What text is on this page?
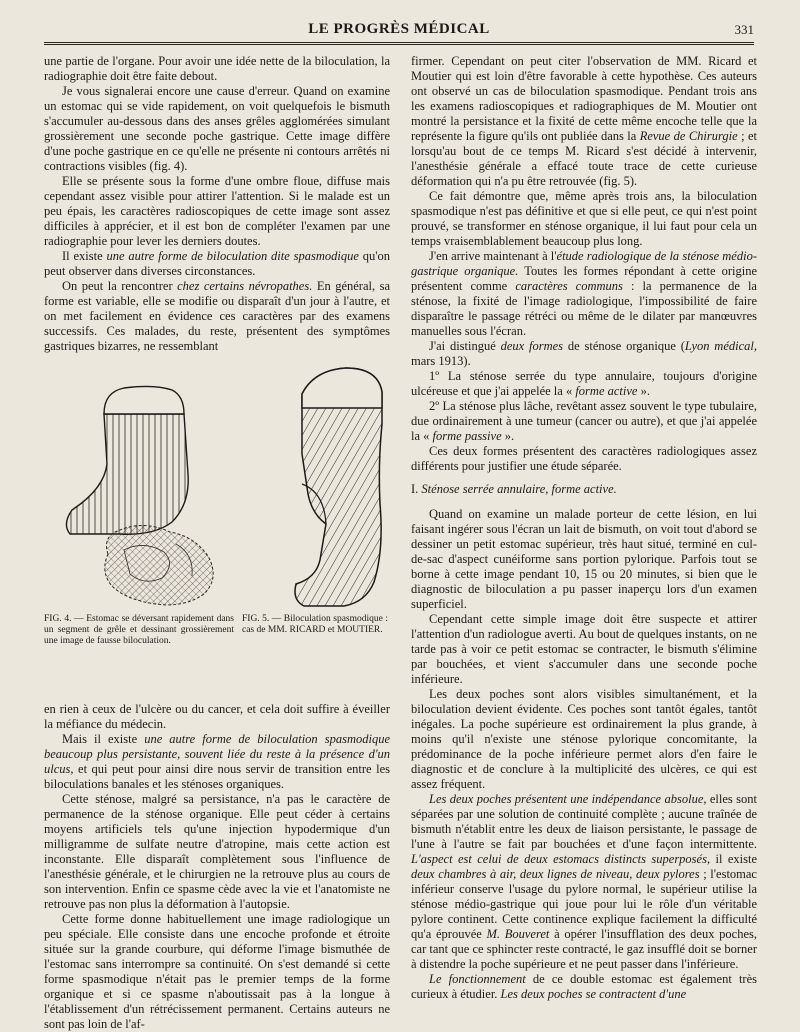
LE PROGRÈS MÉDICAL	331

une partie de l'organe. Pour avoir une idée nette de la biloculation, la radiographie doit être faite debout.

Je vous signalerai encore une cause d'erreur. Quand on examine un estomac qui se vide rapidement, on voit quelquefois le bismuth s'accumuler au-dessous dans des anses grêles agglomérées simulant grossièrement une seconde poche gastrique. Cette image diffère d'une poche gastrique en ce qu'elle ne présente ni contours arrêtés ni contractions visibles (fig. 4).

Elle se présente sous la forme d'une ombre floue, diffuse mais cependant assez visible pour attirer l'attention. Si le malade est un peu épais, les caractères radioscopiques de cette image sont assez difficiles à apprécier, et il est bon de compléter l'examen par une radiographie pour lever les derniers doutes.

Il existe une autre forme de biloculation dite spasmodique qu'on peut observer dans diverses circonstances.

On peut la rencontrer chez certains névropathes. En général, sa forme est variable, elle se modifie ou disparaît d'un jour à l'autre, et on met facilement en évidence ces caractères par des examens successifs. Ces malades, du reste, présentent des symptômes gastriques bizarres, ne ressemblant

FIG. 4. — Estomac se déversant rapidement dans un segment de grêle et dessinant grossièrement une image de fausse biloculation.
FIG. 5. — Biloculation spasmodique : cas de MM. RICARD et MOUTIER.

en rien à ceux de l'ulcère ou du cancer, et cela doit suffire à éveiller la méfiance du médecin.

Mais il existe une autre forme de biloculation spasmodique beaucoup plus persistante, souvent liée du reste à la présence d'un ulcus, et qui peut pour ainsi dire nous servir de transition entre les biloculations banales et les sténoses organiques.

Cette sténose, malgré sa persistance, n'a pas le caractère de permanence de la sténose organique. Elle peut céder à certains moyens artificiels tels qu'une injection hypodermique d'un milligramme de sulfate neutre d'atropine, mais cette action est inconstante. Elle disparaît complètement sous l'influence de l'anesthésie générale, et le chirurgien ne la retrouve plus au cours de son intervention. Enfin ce spasme cède avec la vie et l'anatomiste ne retrouve pas non plus la déformation à l'autopsie.

Cette forme donne habituellement une image radiologique un peu spéciale. Elle consiste dans une encoche profonde et étroite située sur la grande courbure, qui déforme l'image bismuthée de l'estomac sans interrompre sa continuité. On s'est demandé si cette forme spasmodique n'était pas le premier temps de la forme organique et si ce spasme n'aboutissait pas à la longue à l'établissement d'un rétrécissement permanent. Certains auteurs ne sont pas loin de l'af-

firmer. Cependant on peut citer l'observation de MM. Ricard et Moutier qui est loin d'être favorable à cette hypothèse. Ces auteurs ont observé un cas de biloculation spasmodique. Pendant trois ans les examens radioscopiques et radiographiques de M. Moutier ont montré la persistance et la fixité de cette même encoche telle que la représente la figure qu'ils ont publiée dans la Revue de Chirurgie ; et lorsqu'au bout de ce temps M. Ricard s'est décidé à intervenir, l'anesthésie générale a effacé toute trace de cette curieuse déformation qui n'a pu être retrouvée (fig. 5).

Ce fait démontre que, même après trois ans, la biloculation spasmodique n'est pas définitive et que si elle peut, ce qui n'est point prouvé, se transformer en sténose organique, il lui faut pour cela un temps vraisemblablement beaucoup plus long.

J'en arrive maintenant à l'étude radiologique de la sténose médio-gastrique organique. Toutes les formes répondant à cette origine présentent comme caractères communs : la permanence de la sténose, la fixité de l'image radiologique, l'impossibilité de faire disparaître le passage rétréci ou même de le dilater par manœuvres manuelles sous l'écran.

J'ai distingué deux formes de sténose organique (Lyon médical, mars 1913).

1º La sténose serrée du type annulaire, toujours d'origine ulcéreuse et que j'ai appelée la « forme active ».

2º La sténose plus lâche, revêtant assez souvent le type tubulaire, due ordinairement à une tumeur (cancer ou autre), et que j'ai appelée la « forme passive ».

Ces deux formes présentent des caractères radiologiques assez différents pour justifier une étude séparée.

I. Sténose serrée annulaire, forme active.

Quand on examine un malade porteur de cette lésion, en lui faisant ingérer sous l'écran un lait de bismuth, on voit tout d'abord se dessiner un petit estomac supérieur, très haut situé, terminé en cul-de-sac d'aspect cunéiforme sans portion pylorique. Parfois tout se borne à cette image pendant 10, 15 ou 20 minutes, si bien que le diagnostic de biloculation a pu passer inaperçu lors d'un examen superficiel.

Cependant cette simple image doit être suspecte et attirer l'attention d'un radiologue averti. Au bout de quelques instants, on ne tarde pas à voir ce petit estomac se contracter, le bismuth s'élimine par bouchées, et vient s'accumuler dans une seconde poche inférieure.

Les deux poches sont alors visibles simultanément, et la biloculation devient évidente. Ces poches sont tantôt égales, tantôt inégales. La poche supérieure est ordinairement la plus grande, à moins qu'il n'existe une sténose pylorique concomitante, la prédominance de la poche inférieure permet alors d'en faire le diagnostic et de conclure à la multiplicité des ulcères, ce qui est assez fréquent.

Les deux poches présentent une indépendance absolue, elles sont séparées par une solution de continuité complète ; aucune traînée de bismuth n'établit entre les deux de liaison persistante, le passage de l'une à l'autre se fait par bouchées et d'une façon intermittente. L'aspect est celui de deux estomacs distincts superposés, il existe deux chambres à air, deux lignes de niveau, deux pylores ; l'estomac inférieur conserve l'usage du pylore normal, le supérieur utilise la sténose médio-gastrique qui joue pour lui le rôle d'un véritable pylore continent. Cette continence explique facilement la difficulté qu'a éprouvée M. Bouveret à opérer l'insufflation des deux poches, car tant que ce sphincter reste contracté, le gaz insufflé doit se borner à distendre la poche supérieure et ne peut passer dans l'inférieure.

Le fonctionnement de ce double estomac est également très curieux à étudier. Les deux poches se contractent d'une
